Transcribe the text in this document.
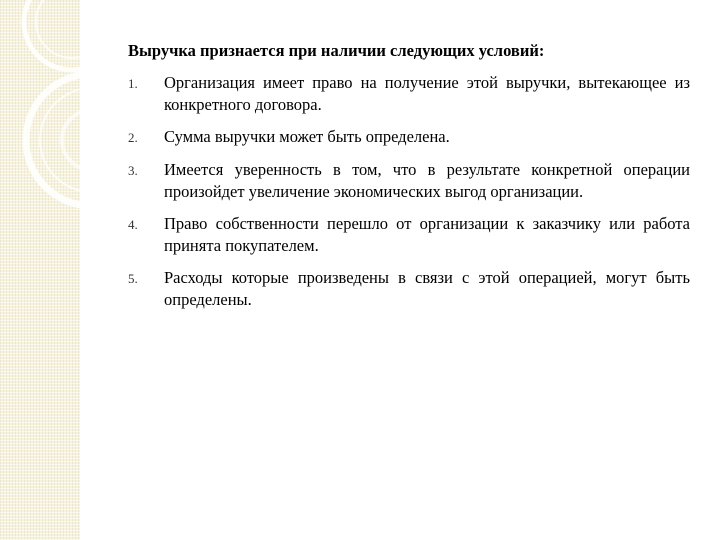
Выручка признается при наличии следующих условий:
1.	Организация имеет право на получение этой выручки, вытекающее из конкретного договора.
2.	Сумма выручки может быть определена.
3.	Имеется уверенность в том, что в результате конкретной операции произойдет увеличение экономических выгод организации.
4.	Право собственности перешло от организации к заказчику или работа принята покупателем.
5.	Расходы которые произведены в связи с этой операцией, могут быть определены.
